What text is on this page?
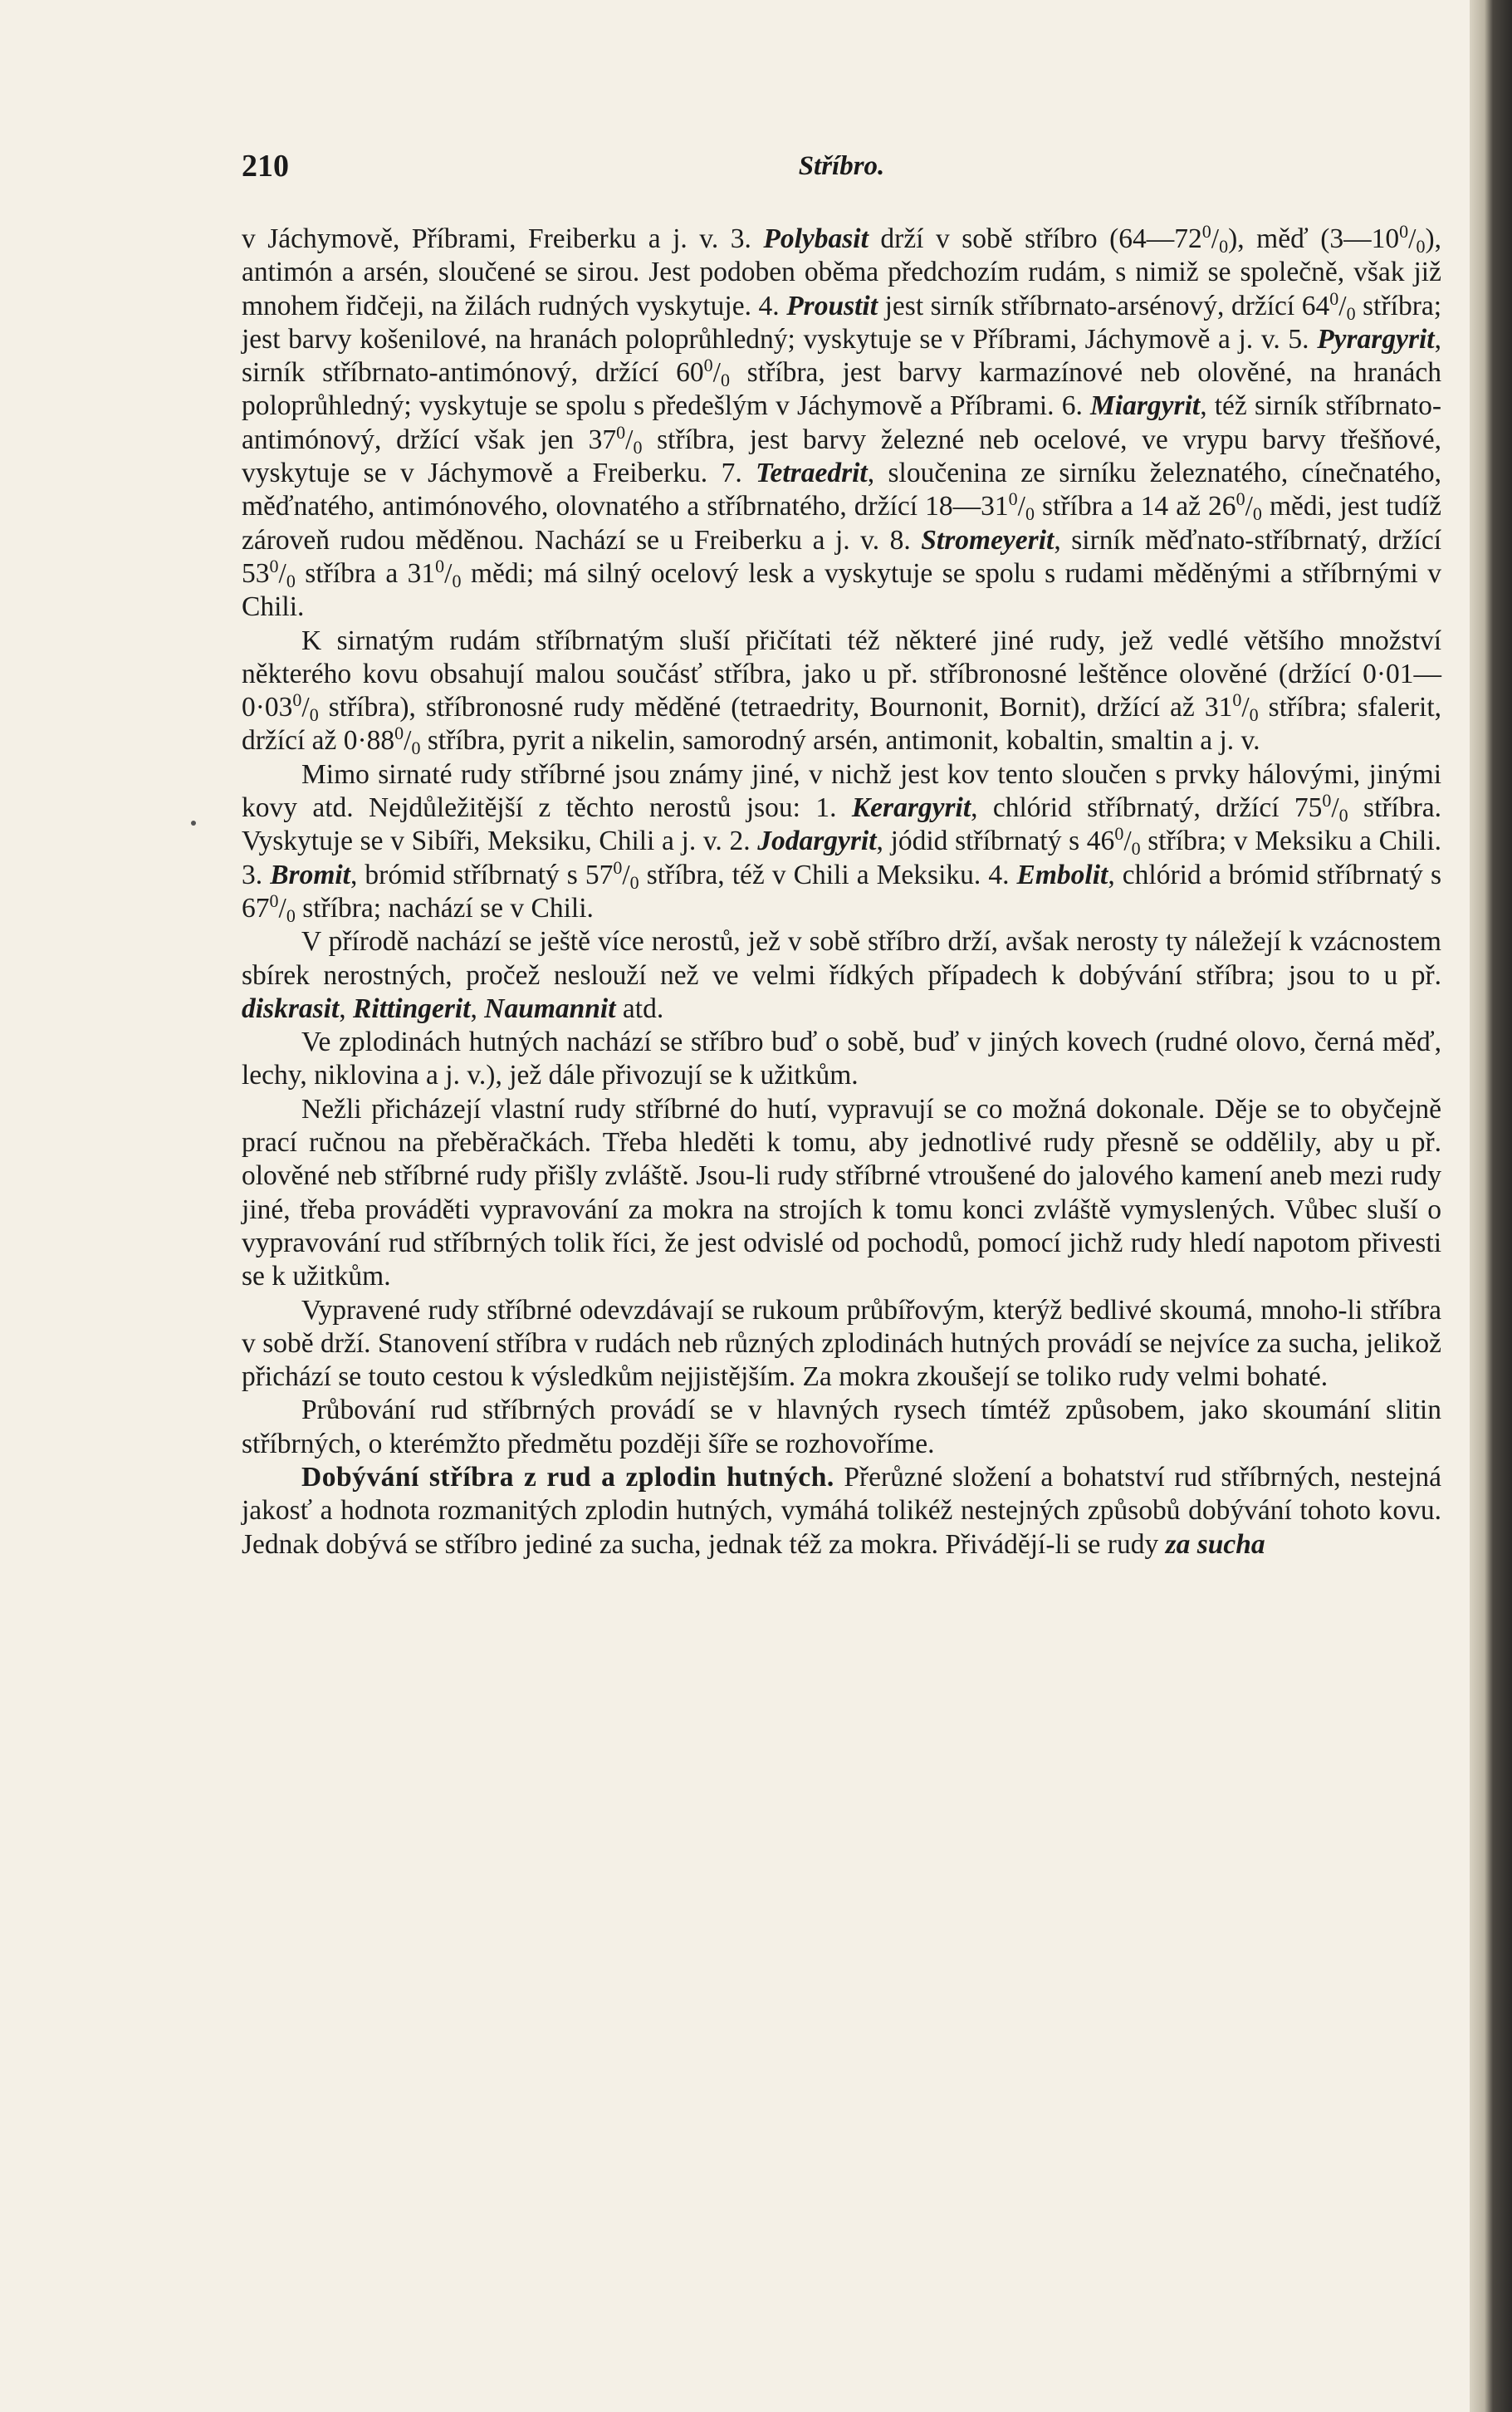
210	Stříbro.

v Jáchymově, Příbrami, Freiberku a j. v. 3. Polybasit drží v sobě stříbro $(64—72^0/_0)$, měď $(3—10^0/_0)$, antimón a arsén, sloučené se sirou. Jest podoben oběma předchozím rudám, s nimiž se společně, však již mnohem řidčeji, na žilách rudných vyskytuje. 4. Proustit jest sirník stříbrnato-arsénový, držící $64^0/_0$ stříbra; jest barvy košenilové, na hranách poloprůhledný; vyskytuje se v Příbrami, Jáchymově a j. v. 5. Pyrargyrit, sirník stříbrnato-antimónový, držící $60^0/_0$ stříbra, jest barvy karmazínové neb olověné, na hranách poloprůhledný; vyskytuje se spolu s předešlým v Jáchymově a Příbrami. 6. Miargyrit, též sirník stříbrnato-antimónový, držící však jen $37^0/_0$ stříbra, jest barvy železné neb ocelové, ve vrypu barvy třešňové, vyskytuje se v Jáchymově a Freiberku. 7. Tetraedrit, sloučenina ze sirníku železnatého, cínečnatého, měďnatého, antimónového, olovnatého a stříbrnatého, držící $18—31^0/_0$ stříbra a 14 až $26^0/_0$ mědi, jest tudíž zároveň rudou měděnou. Nachází se u Freiberku a j. v. 8. Stromeyerit, sirník měďnato-stříbrnatý, držící $53^0/_0$ stříbra a $31^0/_0$ mědi; má silný ocelový lesk a vyskytuje se spolu s rudami měděnými a stříbrnými v Chili.

K sirnatým rudám stříbrnatým sluší přičítati též některé jiné rudy, jež vedlé většího množství některého kovu obsahují malou součásť stříbra, jako u př. stříbronosné leštěnce olověné (držící $0\cdot 01—0\cdot 03^0/_0$ stříbra), stříbronosné rudy měděné (tetraedrity, Bournonit, Bornit), držící až $31^0/_0$ stříbra; sfalerit, držící až $0\cdot 88^0/_0$ stříbra, pyrit a nikelin, samorodný arsén, antimonit, kobaltin, smaltin a j. v.

Mimo sirnaté rudy stříbrné jsou známy jiné, v nichž jest kov tento sloučen s prvky hálovými, jinými kovy atd. Nejdůležitější z těchto nerostů jsou: 1. Kerargyrit, chlórid stříbrnatý, držící $75^0/_0$ stříbra. Vyskytuje se v Sibíři, Meksiku, Chili a j. v. 2. Jodargyrit, jódid stříbrnatý s $46^0/_0$ stříbra; v Meksiku a Chili. 3. Bromit, brómid stříbrnatý s $57^0/_0$ stříbra, též v Chili a Meksiku. 4. Embolit, chlórid a brómid stříbrnatý s $67^0/_0$ stříbra; nachází se v Chili.

V přírodě nachází se ještě více nerostů, jež v sobě stříbro drží, avšak nerosty ty náležejí k vzácnostem sbírek nerostných, pročež neslouží než ve velmi řídkých případech k dobývání stříbra; jsou to u př. diskrasit, Rittingerit, Naumannit atd.

Ve zplodinách hutných nachází se stříbro buď o sobě, buď v jiných kovech (rudné olovo, černá měď, lechy, niklovina a j. v.), jež dále přivozují se k užitkům.

Nežli přicházejí vlastní rudy stříbrné do hutí, vypravují se co možná dokonale. Děje se to obyčejně prací ručnou na přeběračkách. Třeba hleděti k tomu, aby jednotlivé rudy přesně se oddělily, aby u př. olověné neb stříbrné rudy přišly zvláště. Jsou-li rudy stříbrné vtroušené do jalového kamení aneb mezi rudy jiné, třeba prováděti vypravování za mokra na strojích k tomu konci zvláště vymyslených. Vůbec sluší o vypravování rud stříbrných tolik říci, že jest odvislé od pochodů, pomocí jichž rudy hledí napotom přivesti se k užitkům.

Vypravené rudy stříbrné odevzdávají se rukoum průbířovým, kterýž bedlivé skoumá, mnoho-li stříbra v sobě drží. Stanovení stříbra v rudách neb různých zplodinách hutných provádí se nejvíce za sucha, jelikož přichází se touto cestou k výsledkům nejjistějším. Za mokra zkoušejí se toliko rudy velmi bohaté.

Průbování rud stříbrných provádí se v hlavných rysech tímtéž způsobem, jako skoumání slitin stříbrných, o kterémžto předmětu později šíře se rozhovoříme.

Dobývání stříbra z rud a zplodin hutných. Přerůzné složení a bohatství rud stříbrných, nestejná jakosť a hodnota rozmanitých zplodin hutných, vymáhá tolikéž nestejných způsobů dobývání tohoto kovu. Jednak dobývá se stříbro jediné za sucha, jednak též za mokra. Přivádějí-li se rudy za sucha
